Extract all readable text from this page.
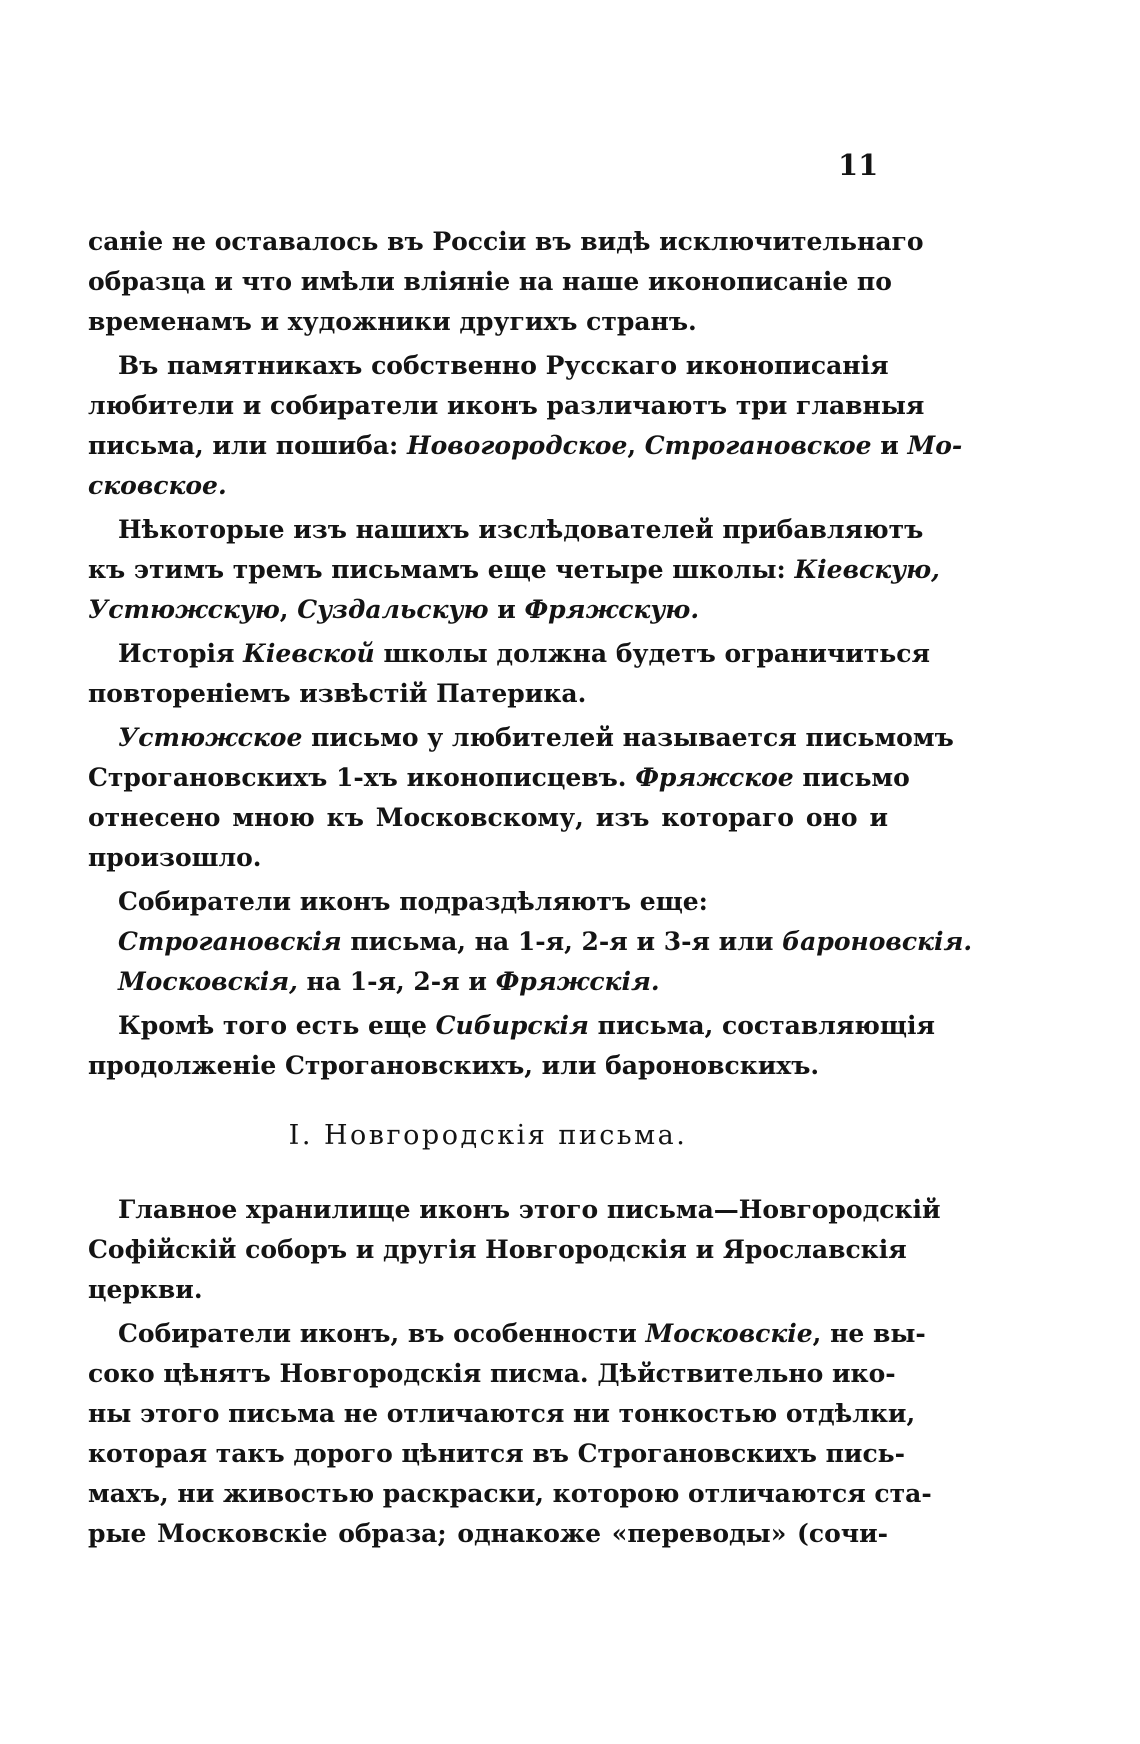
11
саніе не оставалось въ Россіи въ видѣ исключительнаго
образца и что имѣли вліяніе на наше иконописаніе по
временамъ и художники другихъ странъ.
Въ памятникахъ собственно Русскаго иконописанія
любители и собиратели иконъ различаютъ три главныя
письма, или пошиба: Новогородское, Строгановское и Мо-
сковское.
Нѣкоторые изъ нашихъ изслѣдователей прибавляютъ
къ этимъ тремъ письмамъ еще четыре школы: Кіевскую,
Устюжскую, Суздальскую и Фряжскую.
Исторія Кіевской школы должна будетъ ограничиться
повтореніемъ извѣстій Патерика.
Устюжское письмо у любителей называется письмомъ
Строгановскихъ 1-хъ иконописцевъ. Фряжское письмо
отнесено мною къ Московскому, изъ котораго оно и
произошло.
Собиратели иконъ подраздѣляютъ еще:
Строгановскія письма, на 1-я, 2-я и 3-я или бароновскія.
Московскія, на 1-я, 2-я и Фряжскія.
Кромѣ того есть еще Сибирскія письма, составляющія
продолженіе Строгановскихъ, или бароновскихъ.
I. Новгородскія письма.
Главное хранилище иконъ этого письма—Новгородскій
Софійскій соборъ и другія Новгородскія и Ярославскія
церкви.
Собиратели иконъ, въ особенности Московскіе, не вы-
соко цѣнятъ Новгородскія писма. Дѣйствительно ико-
ны этого письма не отличаются ни тонкостью отдѣлки,
которая такъ дорого цѣнится въ Строгановскихъ пись-
махъ, ни живостью раскраски, которою отличаются ста-
рые Московскіе образа; однакоже «переводы» (сочи-
